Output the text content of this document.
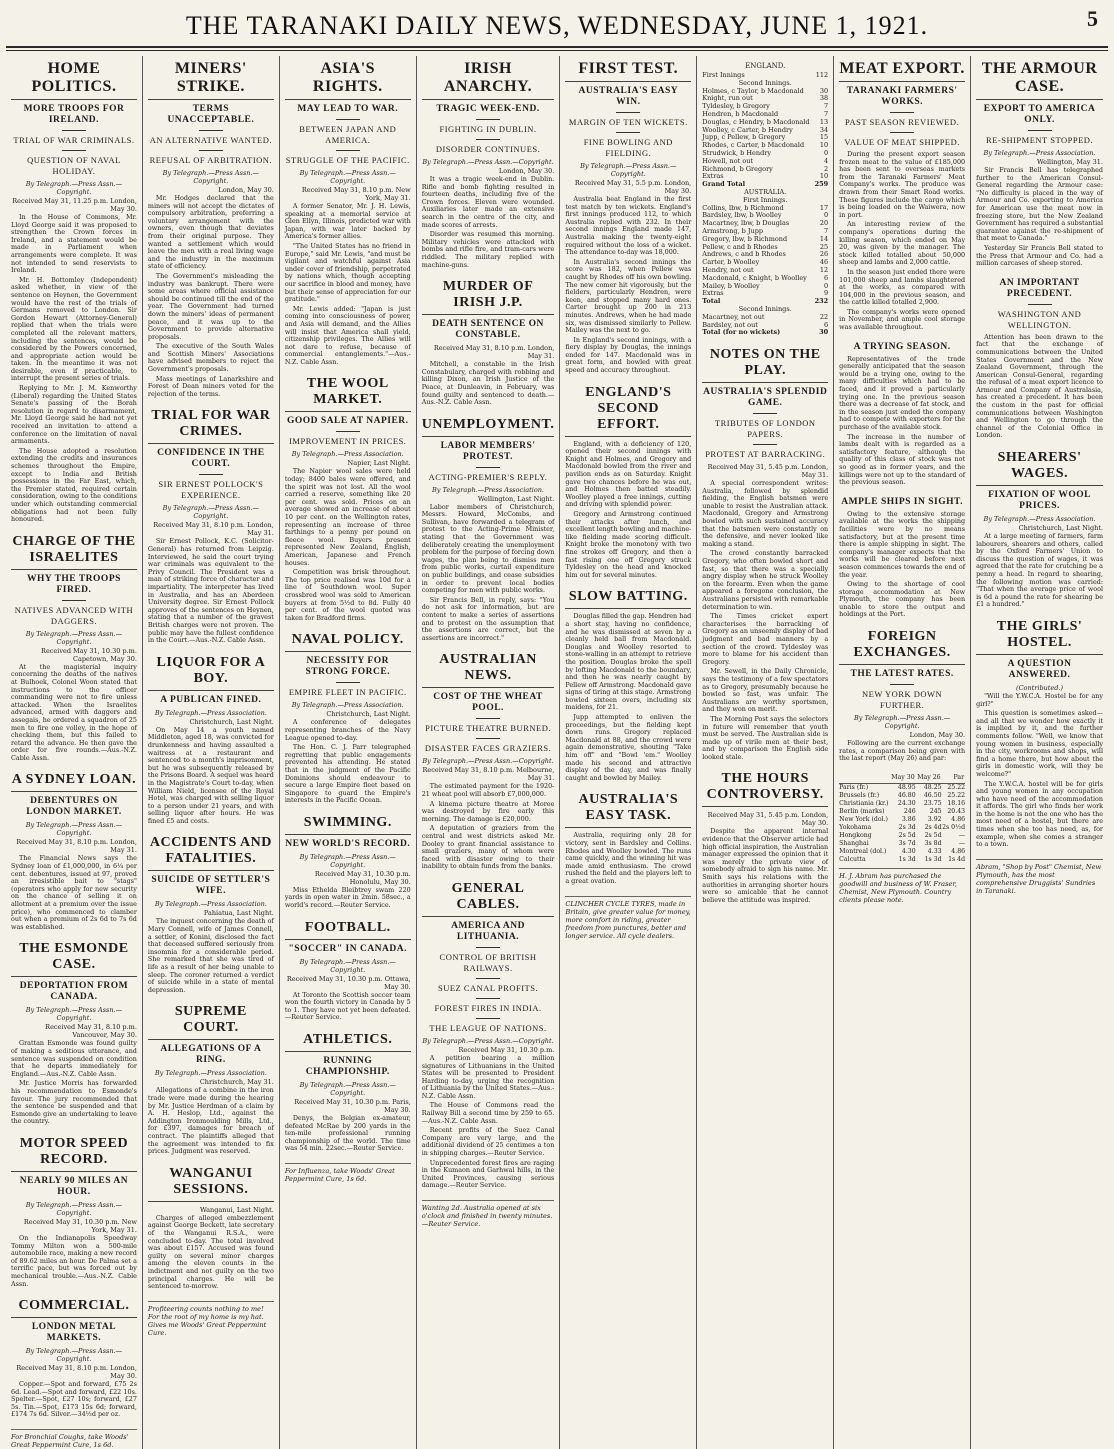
THE TARANAKI DAILY NEWS, WEDNESDAY, JUNE 1, 1921.	5
HOME POLITICS.
MORE TROOPS FOR IRELAND.
TRIAL OF WAR CRIMINALS.
QUESTION OF NAVAL HOLIDAY.
By Telegraph.—Press Assn.—Copyright.
Received May 31, 11.25 p.m. London, May 30.

In the House of Commons, Mr. Lloyd George said it was proposed to strengthen the Crown forces in Ireland, and a statement would be made in Parliament when arrangements were complete. It was not intended to send reservists to Ireland.

Mr. H. Bottomley (Independent) asked whether, in view of the sentence on Heynen, the Government would have the rest of the trials of Germans removed to London. Sir Gordon Hewart (Attorney-General) replied that when the trials were completed all the relevant matters, including the sentences, would be considered by the Powers concerned, and appropriate action would be taken. In the meantime it was not desirable, even if practicable, to interrupt the present series of trials.

Replying to Mr. J. M. Kenworthy (Liberal) regarding the United States Senate's passing of the Borah resolution in regard to disarmament, Mr. Lloyd George said he had not yet received an invitation to attend a conference on the limitation of naval armaments.

The House adopted a resolution extending the credits and insurances schemes throughout the Empire, except to India and British possessions in the Far East, which, the Premier stated, required certain consideration, owing to the conditions under which outstanding commercial obligations had not been fully honoured.

CHARGE OF THE ISRAELITES
WHY THE TROOPS FIRED.
NATIVES ADVANCED WITH DAGGERS.
By Telegraph.—Press Assn.—Copyright.
Received May 31, 10.30 p.m. Capetown, May 30.

At the magisterial inquiry concerning the deaths of the natives at Bulhoek, Colonel Woon stated that instructions to the officer commanding were not to fire unless attacked. When the Israelites advanced, armed with daggers and assegais, he ordered a squadron of 25 men to fire one volley, in the hope of checking them, but this failed to retard the advance. He then gave the order for five rounds.—Aus.-N.Z. Cable Assn.

A SYDNEY LOAN.
DEBENTURES ON LONDON MARKET.
By Telegraph.—Press Assn.—Copyright.
Received May 31, 8.10 p.m. London, May 31.

The Financial News says the Sydney loan of £1,000,000, in 6¼ per cent. debentures, issued at 97, proved an irresistible bait to "stags" (operators who apply for new security on the chance of selling it on allotment at a premium over the issue price), who commenced to clamber out when a premium of 2s 6d to 7s 6d was established.

THE ESMONDE CASE.
DEPORTATION FROM CANADA.
By Telegraph.—Press Assn.—Copyright.
Received May 31, 8.10 p.m. Vancouver, May 30.

Grattan Esmonde was found guilty of making a seditious utterance, and sentence was suspended on condition that he departs immediately for England.—Aus.-N.Z. Cable Assn.

Mr. Justice Morris has forwarded his recommendation to Esmonde's favour. The jury recommended that the sentence be suspended and that Esmonde give an undertaking to leave the country.

MOTOR SPEED RECORD.
NEARLY 90 MILES AN HOUR.
By Telegraph.—Press Assn.—Copyright.
Received May 31, 10.30 p.m. New York, May 31.

On the Indianapolis Speedway Tommy Milton won a 500-mile automobile race, making a new record of 89.62 miles an hour. De Palma set a terrific pace, but was forced out by mechanical trouble.—Aus.-N.Z. Cable Assn.

COMMERCIAL.
LONDON METAL MARKETS.
By Telegraph.—Press Assn.—Copyright.
Received May 31, 8.10 p.m. London, May 30.

Copper.—Spot and forward, £75 2s 6d. Lead.—Spot and forward, £22 10s. Spelter.—Spot, £27 10s; forward, £27 5s. Tin.—Spot, £173 15s 6d; forward, £174 7s 6d. Silver.—34½d per oz.

For Bronchial Coughs, take Woods' Great Peppermint Cure, 1s 6d.
MINERS' STRIKE.
TERMS UNACCEPTABLE.
AN ALTERNATIVE WANTED.
REFUSAL OF ARBITRATION.
By Telegraph.—Press Assn.—Copyright.
London, May 30.

Mr. Hodges declared that the miners will not accept the dictates of compulsory arbitration, preferring a voluntary arrangement with the owners, even though that deviates from their original purpose. They wanted a settlement which would leave the men with a real living wage and the industry in the maximum state of efficiency.

The Government's misleading the industry was bankrupt. There were some areas where official assistance should be continued till the end of the year. The Government had turned down the miners' ideas of permanent peace, and it was up to the Government to provide alternative proposals.

The executive of the South Wales and Scottish Miners' Associations have advised members to reject the Government's proposals.

Mass meetings of Lanarkshire and Forest of Dean miners voted for the rejection of the terms.

TRIAL FOR WAR CRIMES.
CONFIDENCE IN THE COURT.
SIR ERNEST POLLOCK'S EXPERIENCE.
By Telegraph.—Press Assn.—Copyright.
Received May 31, 8.10 p.m. London, May 31.

Sir Ernest Pollock, K.C. (Solicitor-General) has returned from Leipzig. Interviewed, he said the court trying war criminals was equivalent to the Privy Council. The President was a man of striking force of character and impartiality. The interpreter has lived in Australia, and has an Aberdeen University degree. Sir Ernest Pollock approves of the sentences on Heynen, stating that a number of the gravest British charges were not proven. The public may have the fullest confidence in the Court.—Aus.-N.Z. Cable Assn.

LIQUOR FOR A BOY.
A PUBLICAN FINED.
By Telegraph.—Press Association.
Christchurch, Last Night.

On May 14 a youth named Middleton, aged 18, was convicted for drunkenness and having assaulted a waitress at a restaurant and sentenced to a month's imprisonment, but he was subsequently released by the Prisons Board. A sequel was heard in the Magistrate's Court to-day, when William Nield, licensee of the Royal Hotel, was charged with selling liquor to a person under 21 years, and with selling liquor after hours. He was fined £5 and costs.

ACCIDENTS AND FATALITIES.
SUICIDE OF SETTLER'S WIFE.
By Telegraph.—Press Association.
Pahiatua, Last Night.

The inquest concerning the death of Mary Connell, wife of James Connell, a settler, of Konini, disclosed the fact that deceased suffered seriously from insomnia for a considerable period. She remarked that she was tired of life as a result of her being unable to sleep. The coroner returned a verdict of suicide while in a state of mental depression.

SUPREME COURT.
ALLEGATIONS OF A RING.
By Telegraph.—Press Association.
Christchurch, May 31.

Allegations of a combine in the iron trade were made during the hearing by Mr. Justice Herdman of a claim by A. H. Heslop, Ltd., against the Addington Ironmoulding Mills, Ltd., for £397, damages for breach of contract. The plaintiffs alleged that the agreement was intended to fix prices. Judgment was reserved.

WANGANUI SESSIONS.
Wanganui, Last Night.

Charges of alleged embezzlement against George Beckett, late secretary of the Wanganui R.S.A., were concluded to-day. The total involved was about £157. Accused was found guilty on several minor charges among the eleven counts in the indictment and not guilty on the two principal charges. He will be sentenced to-morrow.

Profiteering counts nothing to me! For the root of my home is my hat. Gives me Woods' Great Peppermint Cure.
ASIA'S RIGHTS.
MAY LEAD TO WAR.
BETWEEN JAPAN AND AMERICA.
STRUGGLE OF THE PACIFIC.
By Telegraph.—Press Assn.—Copyright.
Received May 31, 8.10 p.m. New York, May 31.

A former Senator, Mr. J. H. Lewis, speaking at a memorial service at Glen Ellyn, Illinois, predicted war with Japan, with war later backed by America's former allies.

"The United States has no friend in Europe," said Mr. Lewis, "and must be vigilant and watchful against Asia under cover of friendship, perpetrated by nations which, though accepting our sacrifice in blood and money, have but their sense of appreciation for our gratitude."

Mr. Lewis added: "Japan is just coming into consciousness of power, and Asia will demand, and the Allies will insist that America shall yield, citizenship privileges. The Allies will not dare to refuse, because of commercial entanglements."—Aus.-N.Z. Cable Assn.

THE WOOL MARKET.
GOOD SALE AT NAPIER.
IMPROVEMENT IN PRICES.
By Telegraph.—Press Association.
Napier, Last Night.

The Napier wool sales were held today; 8400 bales were offered, and the spirit was not lost. All the wool carried a reserve, something like 20 per cent. was sold. Prices on an average showed an increase of about 10 per cent. on the Wellington rates, representing an increase of three farthings to a penny per pound on fleece wool. Buyers present represented New Zealand, English, American, Japanese and French houses.

Competition was brisk throughout. The top price realised was 10d for a line of Southdown wool. Super crossbred wool was sold to American buyers at from 5½d to 8d. Fully 40 per cent. of the wool quoted was taken for Bradford firms.

NAVAL POLICY.
NECESSITY FOR STRONG FORCE.
EMPIRE FLEET IN PACIFIC.
By Telegraph.—Press Association.
Christchurch, Last Night.

A conference of delegates representing branches of the Navy League opened to-day.

The Hon. C. J. Parr telegraphed regretting that public engagements prevented his attending. He stated that in the judgment of the Pacific Dominions should endeavour to secure a large Empire fleet based on Singapore to guard the Empire's interests in the Pacific Ocean.

SWIMMING.
NEW WORLD'S RECORD.
By Telegraph.—Press Assn.—Copyright.
Received May 31, 10.30 p.m. Honolulu, May 30.

Miss Ethelda Bleibtrey swam 220 yards in open water in 2min. 58sec., a world's record.—Reuter Service.

FOOTBALL.
"SOCCER" IN CANADA.
By Telegraph.—Press Assn.—Copyright.
Received May 31, 10.30 p.m. Ottawa, May 30.

At Toronto the Scottish soccer team won the fourth victory in Canada by 5 to 1. They have not yet been defeated.—Reuter Service.

ATHLETICS.
RUNNING CHAMPIONSHIP.
By Telegraph.—Press Assn.—Copyright.
Received May 31, 10.30 p.m. Paris, May 30.

Denys, the Belgian ex-amateur, defeated McRae by 200 yards in the ten-mile professional running championship of the world. The time was 54 min. 22sec.—Reuter Service.

For Influenza, take Woods' Great Peppermint Cure, 1s 6d.
IRISH ANARCHY.
TRAGIC WEEK-END.
FIGHTING IN DUBLIN.
DISORDER CONTINUES.
By Telegraph.—Press Assn.—Copyright.
London, May 30.

It was a tragic week-end in Dublin. Rifle and bomb fighting resulted in fourteen deaths, including five of the Crown forces. Eleven were wounded. Auxiliaries later made an extensive search in the centre of the city, and made scores of arrests.

Disorder was resumed this morning. Military vehicles were attacked with bombs and rifle fire, and tram-cars were riddled. The military replied with machine-guns.

MURDER OF IRISH J.P.
DEATH SENTENCE ON CONSTABLE.
Received May 31, 8.10 p.m. London, May 31.

Mitchell, a constable in the Irish Constabulary, charged with robbing and killing Dixon, an Irish Justice of the Peace, at Dunleavin, in February, was found guilty and sentenced to death.—Aus.-N.Z. Cable Assn.

UNEMPLOYMENT.
LABOR MEMBERS' PROTEST.
ACTING-PREMIER'S REPLY.
By Telegraph.—Press Association.
Wellington, Last Night.

Labor members of Christchurch, Messrs. Howard, McCombs, and Sullivan, have forwarded a telegram of protest to the Acting-Prime Minister, stating that the Government was deliberately creating the unemployment problem for the purpose of forcing down wages, the plan being to dismiss men from public works, curtail expenditure on public buildings, and cease subsidies in order to prevent local bodies competing for men with public works.

Sir Francis Bell, in reply, says: "You do not ask for information, but are content to make a series of assertions and to protest on the assumption that the assertions are correct, but the assertions are incorrect."

AUSTRALIAN NEWS.
COST OF THE WHEAT POOL.
PICTURE THEATRE BURNED.
DISASTER FACES GRAZIERS.
By Telegraph.—Press Assn.—Copyright.
Received May 31, 8.10 p.m. Melbourne, May 31.

The estimated payment for the 1920-21 wheat pool will absorb £7,000,000.

A kinema picture theatre at Moree was destroyed by fire early this morning. The damage is £20,000.

A deputation of graziers from the central and west districts asked Mr. Dooley to grant financial assistance to small graziers, many of whom were faced with disaster owing to their inability to obtain funds from the banks.

GENERAL CABLES.
AMERICA AND LITHUANIA.
CONTROL OF BRITISH RAILWAYS.
SUEZ CANAL PROFITS.
FOREST FIRES IN INDIA.
THE LEAGUE OF NATIONS.
By Telegraph.—Press Assn.—Copyright.
Received May 31, 10.30 p.m.

A petition bearing a million signatures of Lithuanians in the United States will be presented to President Harding to-day, urging the recognition of Lithuania by the United States.—Aus.-N.Z. Cable Assn.

The House of Commons read the Railway Bill a second time by 259 to 65.—Aus.-N.Z. Cable Assn.

Recent profits of the Suez Canal Company are very large, and the additional dividend of 25 centimes a ton in shipping charges.—Reuter Service.

Unprecedented forest fires are raging in the Kumaon and Garhwal hills, in the United Provinces, causing serious damage.—Reuter Service.

Wanting 2d. Australia opened at six o'clock and finished in twenty minutes.—Reuter Service.
FIRST TEST.
AUSTRALIA'S EASY WIN.
MARGIN OF TEN WICKETS.
FINE BOWLING AND FIELDING.
By Telegraph.—Press Assn.—Copyright.
Received May 31, 5.5 p.m. London, May 30.

Australia beat England in the first test match by ten wickets. England's first innings produced 112, to which Australia replied with 232. In their second innings England made 147, Australia making the twenty-eight required without the loss of a wicket. The attendance to-day was 18,000.

In Australia's second innings the score was 182, when Pellew was caught by Rhodes off his own bowling. The new comer hit vigorously, but the fielders, particularly Hendren, were keen, and stopped many hard ones. Carter brought up 200 in 213 minutes. Andrews, when he had made six, was dismissed similarly to Pellew. Mailey was the next to go.

In England's second innings, with a fiery display by Douglas, the innings ended for 147. Macdonald was in great form, and bowled with great speed and accuracy throughout.

ENGLAND'S SECOND EFFORT.

England, with a deficiency of 120, opened their second innings with Knight and Holmes, and Gregory and Macdonald bowled from the river and pavilion ends as on Saturday. Knight gave two chances before he was out, and Holmes then batted steadily. Woolley played a free innings, cutting and driving with splendid power.

Gregory and Armstrong continued their attacks after lunch, and excellent length bowling and machine-like fielding made scoring difficult. Knight broke the monotony with two fine strokes off Gregory, and then a fast rising one off Gregory struck Tyldesley on the head and knocked him out for several minutes.

SLOW BATTING.

Douglas filled the gap. Hendren had a short stay, having no confidence, and he was dismissed at seven by a cleanly held ball from Macdonald. Douglas and Woolley resorted to stone-walling in an attempt to retrieve the position. Douglas broke the spell by lofting Macdonald to the boundary, and then he was nearly caught by Pellew off Armstrong. Macdonald gave signs of tiring at this stage. Armstrong bowled sixteen overs, including six maidens, for 21.

Jupp attempted to enliven the proceedings, but the fielding kept down runs. Gregory replaced Macdonald at 88, and the crowd were again demonstrative, shouting "Take him off" and "Bowl 'em." Woolley made his second and attractive display of the day, and was finally caught and bowled by Mailey.

AUSTRALIA'S EASY TASK.

Australia, requiring only 28 for victory, sent in Bardsley and Collins. Rhodes and Woolley bowled. The runs came quickly, and the winning hit was made amid enthusiasm. The crowd rushed the field and the players left to a great ovation.

CLINCHER CYCLE TYRES, made in Britain, give greater value for money, more comfort in riding, greater freedom from punctures, better and longer service. All cycle dealers.
ENGLAND.
First Innings	112
Second Innings.	
Holmes, c Taylor, b Macdonald	30
Knight, run out	38
Tyldesley, b Gregory	7
Hendren, b Macdonald	7
Douglas, c Hendry, b Macdonald	13
Woolley, c Carter, b Hendry	34
Jupp, c Pellew, b Gregory	15
Rhodes, c Carter, b Macdonald	10
Strudwick, b Hendry	0
Howell, not out	4
Richmond, b Gregory	2
Extras	10
Grand Total	259
AUSTRALIA.	
First Innings.	
Collins, lbw, b Richmond	17
Bardsley, lbw, b Woolley	0
Macartney, lbw, b Douglas	20
Armstrong, b Jupp	7
Gregory, lbw, b Richmond	14
Pellew, c and b Rhodes	25
Andrews, c and b Rhodes	26
Carter, b Woolley	46
Hendry, not out	12
Macdonald, c Knight, b Woolley	6
Mailey, b Woolley	0
Extras	9
Total	232
Second Innings.	
Macartney, not out	22
Bardsley, not out	6
Total (for no wickets)	30
NOTES ON THE PLAY.
AUSTRALIA'S SPLENDID GAME.
TRIBUTES OF LONDON PAPERS.
PROTEST AT BARRACKING.
Received May 31, 5.45 p.m. London, May 31.

A special correspondent writes: Australia, followed by splendid fielding, the English batsmen were unable to resist the Australian attack. Macdonald, Gregory and Armstrong bowled with such sustained accuracy that the batsmen were constantly on the defensive, and never looked like making a stand.

The crowd constantly barracked Gregory, who often bowled short and fast, so that there was a specially angry display when he struck Woolley on the forearm. Even when the game appeared a foregone conclusion, the Australians persisted with remarkable determination to win.

The Times cricket expert characterises the barracking of Gregory as an unseemly display of bad judgment and bad manners by a section of the crowd. Tyldesley was more to blame for his accident than Gregory.

Mr. Sewell, in the Daily Chronicle, says the testimony of a few spectators as to Gregory, presumably because he bowled so fast, was unfair. The Australians are worthy sportsmen, and they won on merit.

The Morning Post says the selectors in future will remember that youth must be served. The Australian side is made up of virile men at their best, and by comparison the English side looked stale.

THE HOURS CONTROVERSY.
Received May 31, 5.45 p.m. London, May 30.

Despite the apparent internal evidence that the Observer article had high official inspiration, the Australian manager expressed the opinion that it was merely the private view of somebody afraid to sign his name. Mr. Smith says his relations with the authorities in arranging shorter hours were so amicable that he cannot believe the attitude was inspired.

MEAT EXPORT.
TARANAKI FARMERS' WORKS.
PAST SEASON REVIEWED.
VALUE OF MEAT SHIPPED.

During the present export season frozen meat to the value of £185,000 has been sent to overseas markets from the Taranaki Farmers' Meat Company's works. The produce was drawn from their Smart Road works. These figures include the cargo which is being loaded on the Waiwera, now in port.

An interesting review of the company's operations during the killing season, which ended on May 20, was given by the manager. The stock killed totalled about 50,000 sheep and lambs and 2,000 cattle.

In the season just ended there were 101,000 sheep and lambs slaughtered at the works, as compared with 104,000 in the previous season, and the cattle killed totalled 2,900.

The company's works were opened in November, and ample cool storage was available throughout.

A TRYING SEASON.

Representatives of the trade generally anticipated that the season would be a trying one, owing to the many difficulties which had to be faced, and it proved a particularly trying one. In the previous season there was a decrease of fat stock, and in the season just ended the company had to compete with exporters for the purchase of the available stock.

The increase in the number of lambs dealt with is regarded as a satisfactory feature, although the quality of this class of stock was not so good as in former years, and the killings were not up to the standard of the previous season.

AMPLE SHIPS IN SIGHT.

Owing to the extensive storage available at the works the shipping facilities were by no means satisfactory, but at the present time there is ample shipping in sight. The company's manager expects that the works will be cleared before next season commences towards the end of the year.

Owing to the shortage of cool storage accommodation at New Plymouth, the company has been unable to store the output and holdings at the Port.

FOREIGN EXCHANGES.
THE LATEST RATES.
NEW YORK DOWN FURTHER.
By Telegraph.—Press Assn.—Copyright.
London, May 30.

Following are the current exchange rates, a comparison being given with the last report (May 26) and par:

	May 30	May 26	Par
Paris (fr.)	48.95	48.25	25.22
Brussels (fr.)	46.80	46.50	25.22
Christiania (kr.)	24.30	23.75	18.16
Berlin (marks)	246	245	20.43
New York (dol.)	3.86	3.92	4.86
Yokohama	2s 3d	2s 4d	2s 0½d
Hongkong	2s 5d	2s 5d	—
Shanghai	3s 7d	3s 8d	—
Montreal (dol.)	4.30	4.33	4.86
Calcutta	1s 3d	1s 3d	1s 4d
H. J. Abram has purchased the goodwill and business of W. Fraser, Chemist, New Plymouth. Country clients please note.
THE ARMOUR CASE.
EXPORT TO AMERICA ONLY.
RE-SHIPMENT STOPPED.
By Telegraph.—Press Association.
Wellington, May 31.

Sir Francis Bell has telegraphed further to the American Consul-General regarding the Armour case: "No difficulty is placed in the way of Armour and Co. exporting to America for American use the meat now in freezing store, but the New Zealand Government has required a substantial guarantee against the re-shipment of that meat to Canada."

Yesterday Sir Francis Bell stated to the Press that Armour and Co. had a million carcases of sheep stored.

AN IMPORTANT PRECEDENT.
WASHINGTON AND WELLINGTON.

Attention has been drawn to the fact that the exchange of communications between the United States Government and the New Zealand Government, through the American Consul-General, regarding the refusal of a meat export licence to Armour and Company of Australasia, has created a precedent. It has been the custom in the past for official communications between Washington and Wellington to go through the channel of the Colonial Office in London.

SHEARERS' WAGES.
FIXATION OF WOOL PRICES.
By Telegraph.—Press Association.
Christchurch, Last Night.

At a large meeting of farmers, farm labourers, shearers and others, called by the Oxford Farmers' Union to discuss the question of wages, it was agreed that the rate for crutching be a penny a head. In regard to shearing, the following motion was carried: "That when the average price of wool is 6d a pound the rate for shearing be £1 a hundred."

THE GIRLS' HOSTEL.
A QUESTION ANSWERED.
(Contributed.)

"Will the Y.W.C.A. Hostel be for any girl?"

This question is sometimes asked—and all that we wonder how exactly it is implied by it, and the further comments follow. "Well, we know that young women in business, especially in the city, workrooms and shops, will find a home there, but how about the girls in domestic work, will they be welcome?"

The Y.W.C.A. hostel will be for girls and young women in any occupation who have need of the accommodation it affords. The girl who finds her work in the home is not the one who has the most need of a hostel, but there are times when she too has need, as, for example, when she comes a stranger to a town.

Abram, "Shop by Post" Chemist, New Plymouth, has the most comprehensive Druggists' Sundries in Taranaki.
